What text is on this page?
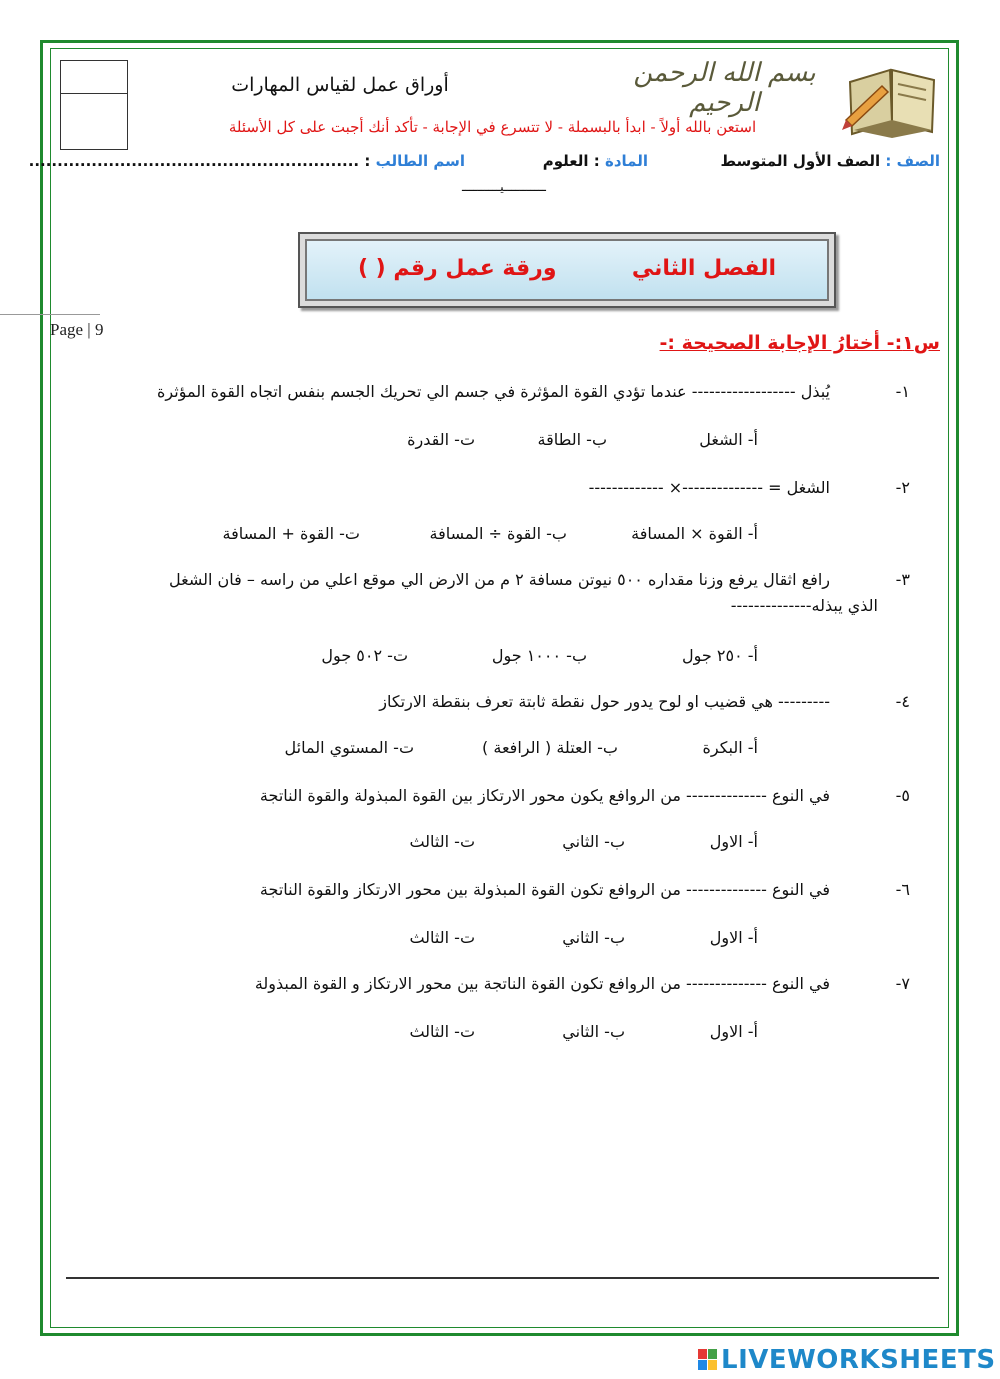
أوراق عمل لقياس المهارات	بسم الله الرحمن الرحيم
استعن بالله أولاً - ابدأ بالبسملة - لا تتسرع في الإجابة - تأكد أنك أجبت على كل الأسئلة
الصف : الصف الأول المتوسط
المادة : العلوم
اسم الطالب : ..........................................................
ـــــــــــيــــــــــ
الفصل الثاني  ورقة عمل رقم ( )
Page | 9
س١:- أختارُ الإجابة الصحيحة :-
١-
يُبذل ------------------ عندما تؤدي القوة المؤثرة في جسم الي تحريك الجسم بنفس اتجاه القوة المؤثرة
أ- الشغل
ب- الطاقة
ت- القدرة
٢-
الشغل = --------------× -------------
أ- القوة × المسافة
ب- القوة ÷ المسافة
ت- القوة + المسافة
٣-
رافع اثقال يرفع وزنا مقداره ٥٠٠ نيوتن مسافة ٢ م من الارض الي موقع اعلي من راسه – فان الشغل
الذي يبذله--------------
أ- ٢٥٠ جول
ب- ١٠٠٠ جول
ت- ٥٠٢ جول
٤-
--------- هي قضيب او لوح يدور حول نقطة ثابتة تعرف بنقطة الارتكاز
أ- البكرة
ب- العتلة ( الرافعة )
ت- المستوي المائل
٥-
في النوع -------------- من الروافع يكون محور الارتكاز بين القوة المبذولة والقوة الناتجة
أ- الاول
ب- الثاني
ت- الثالث
٦-
في النوع -------------- من الروافع تكون القوة المبذولة بين محور الارتكاز والقوة الناتجة
أ- الاول
ب- الثاني
ت- الثالث
٧-
في النوع -------------- من الروافع تكون القوة الناتجة بين محور الارتكاز و القوة المبذولة
أ- الاول
ب- الثاني
ت- الثالث
LIVEWORKSHEETS
